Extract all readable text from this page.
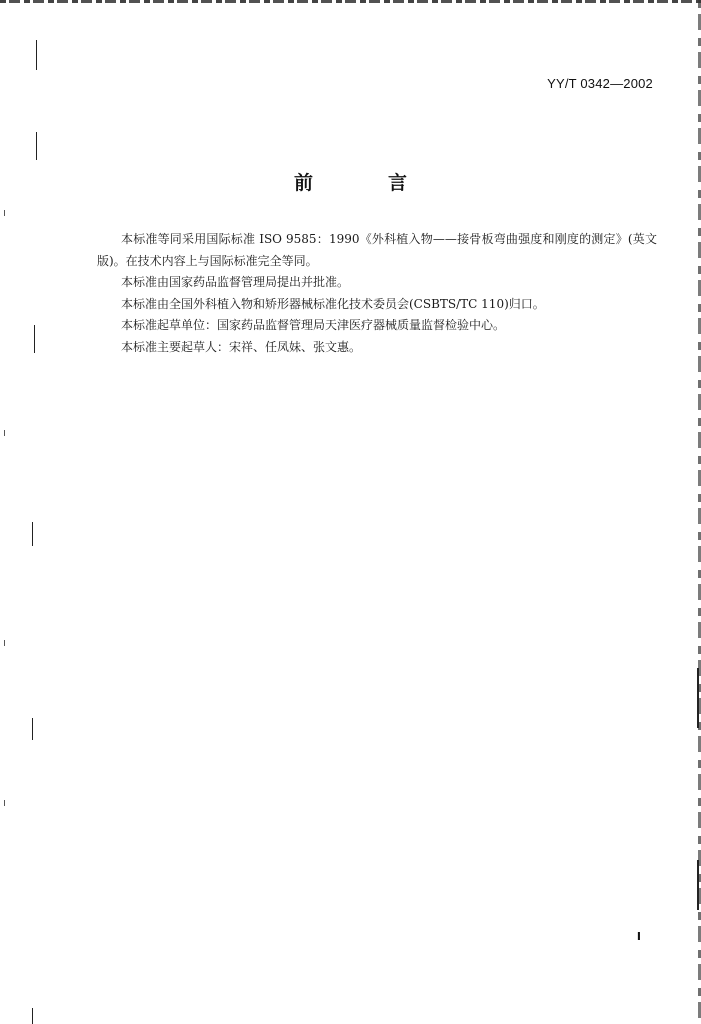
YY/T 0342—2002
前　言

本标准等同采用国际标准 ISO 9585：1990《外科植入物——接骨板弯曲强度和刚度的测定》(英文版)。在技术内容上与国际标准完全等同。

本标准由国家药品监督管理局提出并批准。

本标准由全国外科植入物和矫形器械标准化技术委员会(CSBTS/TC 110)归口。

本标准起草单位：国家药品监督管理局天津医疗器械质量监督检验中心。

本标准主要起草人：宋祥、任凤妹、张文惠。

I
